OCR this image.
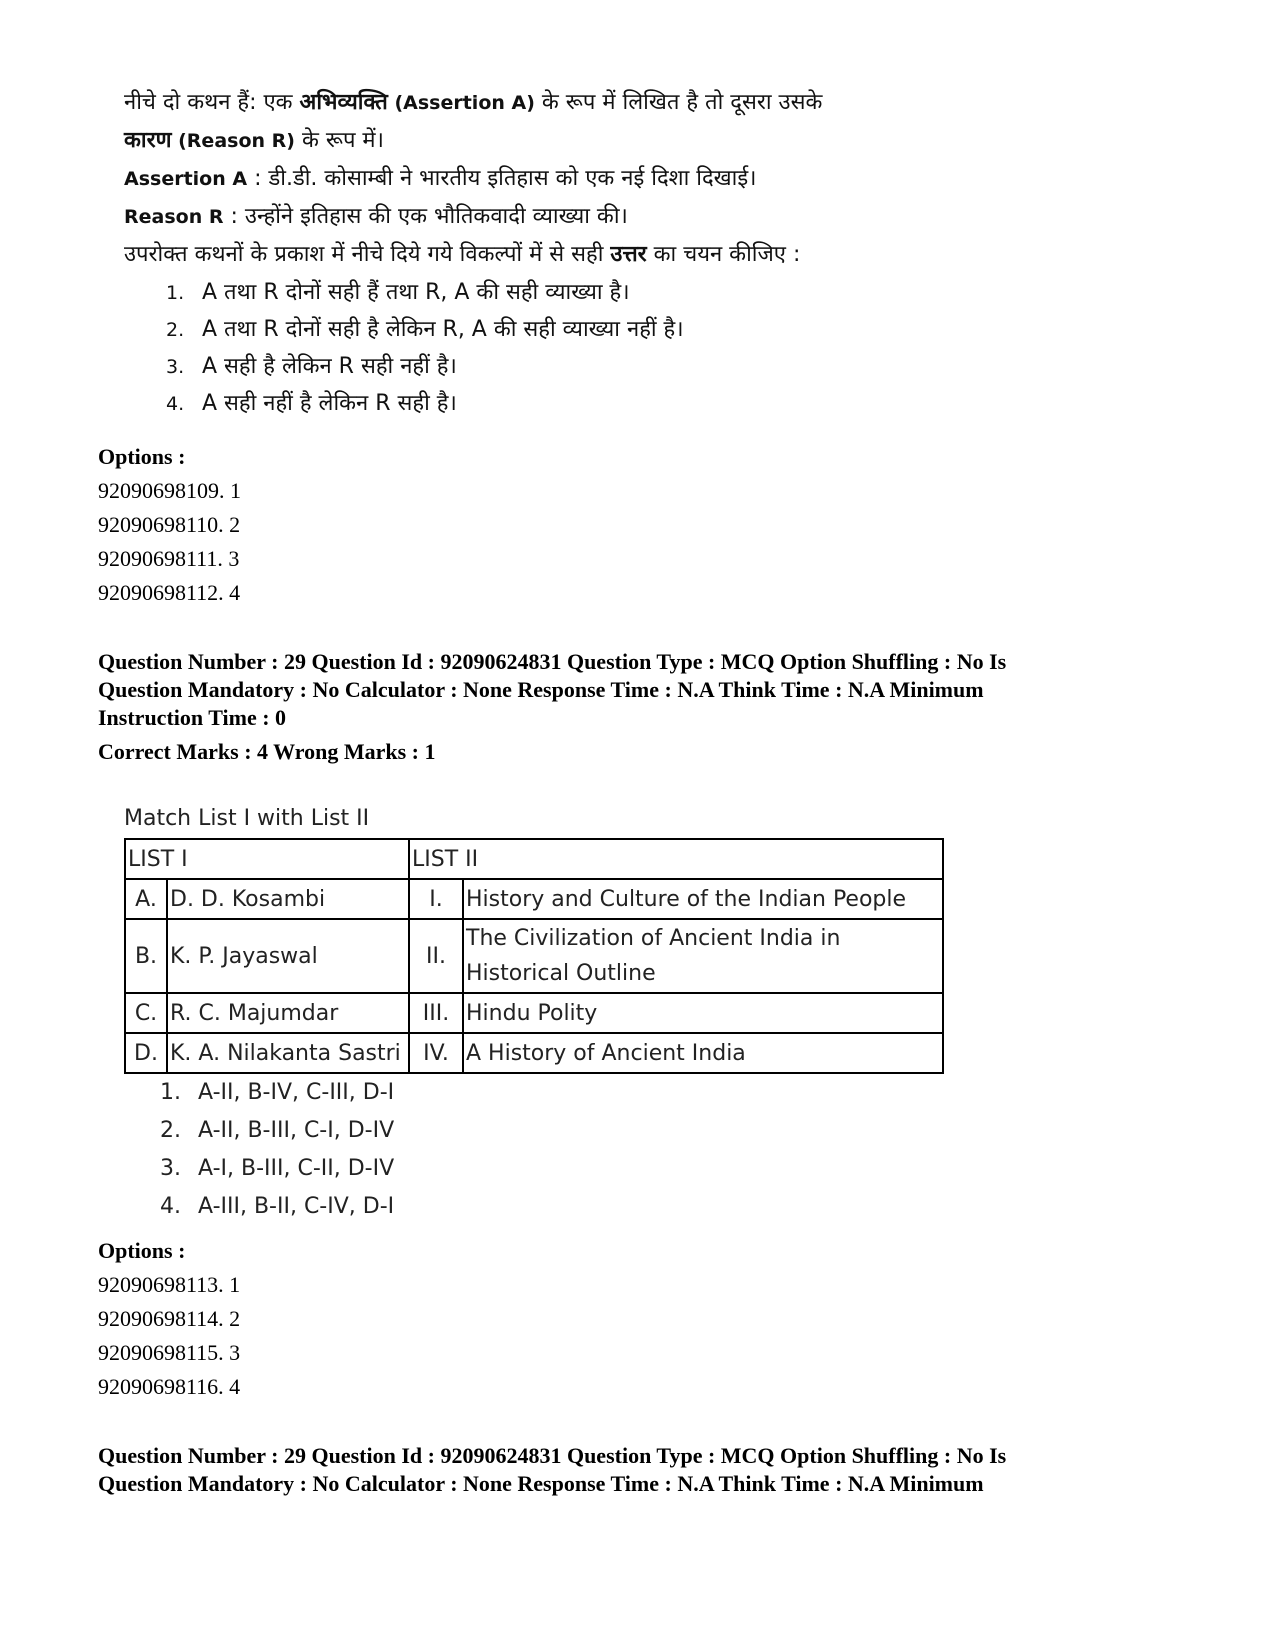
नीचे दो कथन हैं: एक अभिव्यक्ति (Assertion A) के रूप में लिखित है तो दूसरा उसके
कारण (Reason R) के रूप में।
Assertion A : डी.डी. कोसाम्बी ने भारतीय इतिहास को एक नई दिशा दिखाई।
Reason R : उन्होंने इतिहास की एक भौतिकवादी व्याख्या की।
उपरोक्त कथनों के प्रकाश में नीचे दिये गये विकल्पों में से सही उत्तर का चयन कीजिए :
1. A तथा R दोनों सही हैं तथा R, A की सही व्याख्या है।
2. A तथा R दोनों सही है लेकिन R, A की सही व्याख्या नहीं है।
3. A सही है लेकिन R सही नहीं है।
4. A सही नहीं है लेकिन R सही है।
Options :
92090698109. 1
92090698110. 2
92090698111. 3
92090698112. 4
Question Number : 29 Question Id : 92090624831 Question Type : MCQ Option Shuffling : No Is
Question Mandatory : No Calculator : None Response Time : N.A Think Time : N.A Minimum
Instruction Time : 0
Correct Marks : 4 Wrong Marks : 1
Match List I with List II
LIST I		LIST II	
A.	D. D. Kosambi	I.	History and Culture of the Indian People
B.	K. P. Jayaswal	II.	The Civilization of Ancient India in Historical Outline
C.	R. C. Majumdar	III.	Hindu Polity
D.	K. A. Nilakanta Sastri	IV.	A History of Ancient India
1. A-II, B-IV, C-III, D-I
2. A-II, B-III, C-I, D-IV
3. A-I, B-III, C-II, D-IV
4. A-III, B-II, C-IV, D-I
Options :
92090698113. 1
92090698114. 2
92090698115. 3
92090698116. 4
Question Number : 29 Question Id : 92090624831 Question Type : MCQ Option Shuffling : No Is
Question Mandatory : No Calculator : None Response Time : N.A Think Time : N.A Minimum
